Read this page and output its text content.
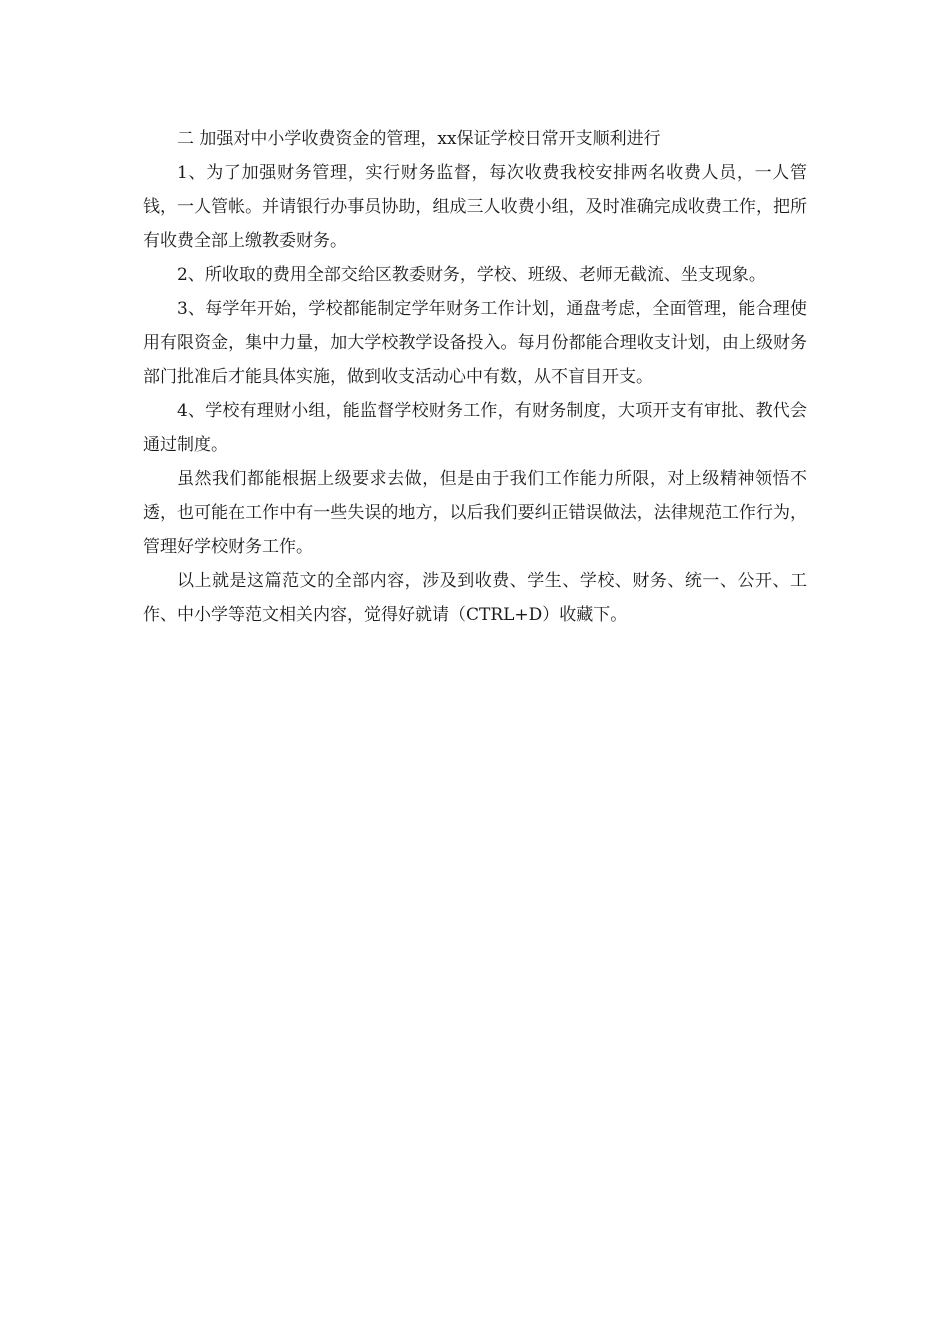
二 加强对中小学收费资金的管理，xx保证学校日常开支顺利进行

1、为了加强财务管理，实行财务监督，每次收费我校安排两名收费人员，一人管钱，一人管帐。并请银行办事员协助，组成三人收费小组，及时准确完成收费工作，把所有收费全部上缴教委财务。

2、所收取的费用全部交给区教委财务，学校、班级、老师无截流、坐支现象。

3、每学年开始，学校都能制定学年财务工作计划，通盘考虑，全面管理，能合理使用有限资金，集中力量，加大学校教学设备投入。每月份都能合理收支计划，由上级财务部门批准后才能具体实施，做到收支活动心中有数，从不盲目开支。

4、学校有理财小组，能监督学校财务工作，有财务制度，大项开支有审批、教代会通过制度。

虽然我们都能根据上级要求去做，但是由于我们工作能力所限，对上级精神领悟不透，也可能在工作中有一些失误的地方，以后我们要纠正错误做法，法律规范工作行为，管理好学校财务工作。

以上就是这篇范文的全部内容，涉及到收费、学生、学校、财务、统一、公开、工作、中小学等范文相关内容，觉得好就请（CTRL+D）收藏下。
